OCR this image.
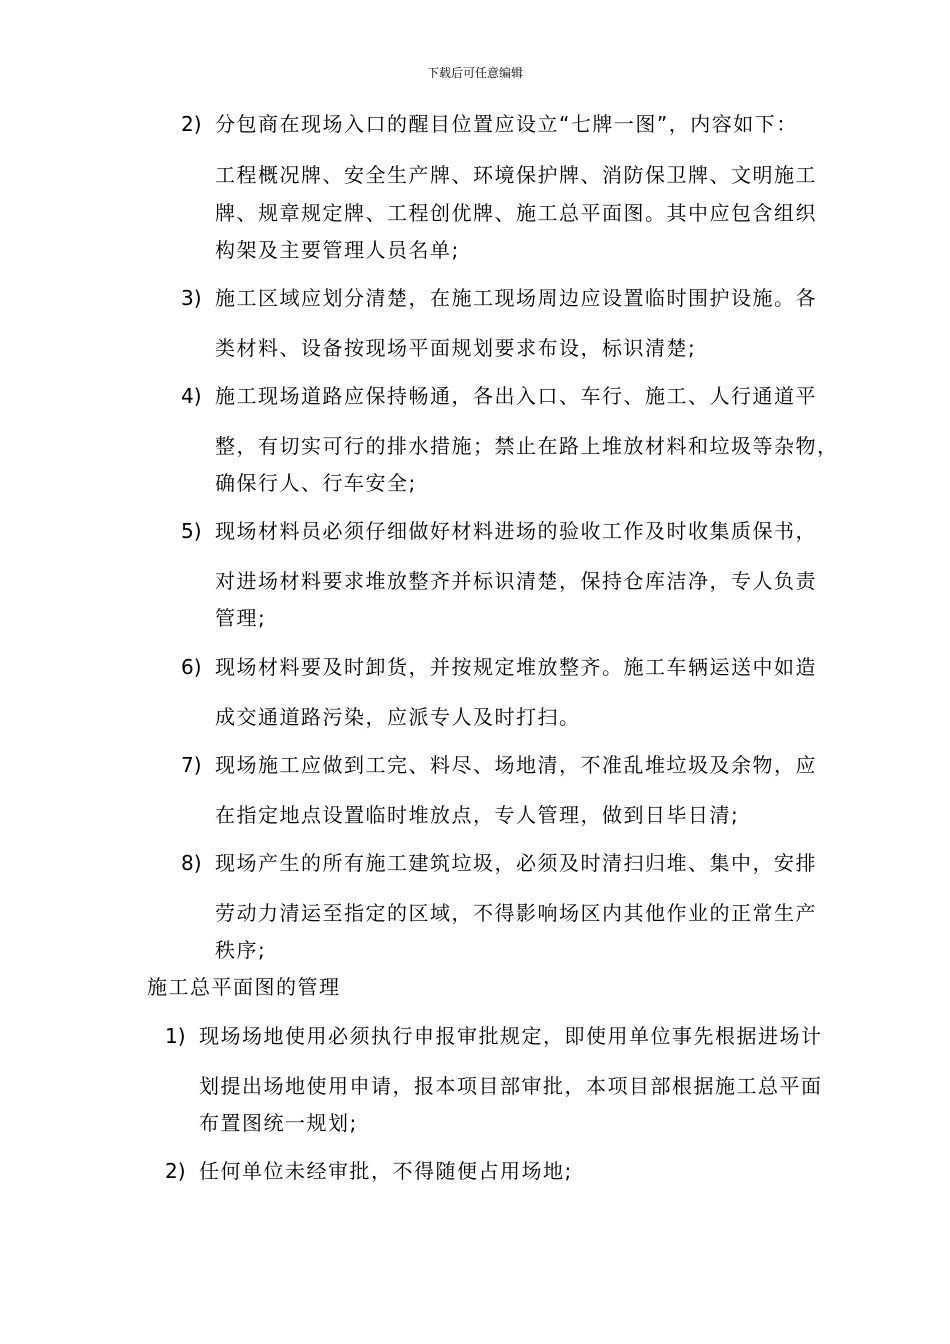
下载后可任意编辑
2) 分包商在现场入口的醒目位置应设立“七牌一图”，内容如下：
工程概况牌、安全生产牌、环境保护牌、消防保卫牌、文明施工
牌、规章规定牌、工程创优牌、施工总平面图。其中应包含组织
构架及主要管理人员名单;
3) 施工区域应划分清楚，在施工现场周边应设置临时围护设施。各
类材料、设备按现场平面规划要求布设，标识清楚;
4) 施工现场道路应保持畅通，各出入口、车行、施工、人行通道平
整，有切实可行的排水措施；禁止在路上堆放材料和垃圾等杂物，
确保行人、行车安全;
5) 现场材料员必须仔细做好材料进场的验收工作及时收集质保书，
对进场材料要求堆放整齐并标识清楚，保持仓库洁净，专人负责
管理;
6) 现场材料要及时卸货，并按规定堆放整齐。施工车辆运送中如造
成交通道路污染，应派专人及时打扫。
7) 现场施工应做到工完、料尽、场地清，不准乱堆垃圾及余物，应
在指定地点设置临时堆放点，专人管理，做到日毕日清;
8) 现场产生的所有施工建筑垃圾，必须及时清扫归堆、集中，安排
劳动力清运至指定的区域，不得影响场区内其他作业的正常生产
秩序;
施工总平面图的管理
1) 现场场地使用必须执行申报审批规定，即使用单位事先根据进场计
划提出场地使用申请，报本项目部审批，本项目部根据施工总平面
布置图统一规划;
2) 任何单位未经审批，不得随便占用场地;
